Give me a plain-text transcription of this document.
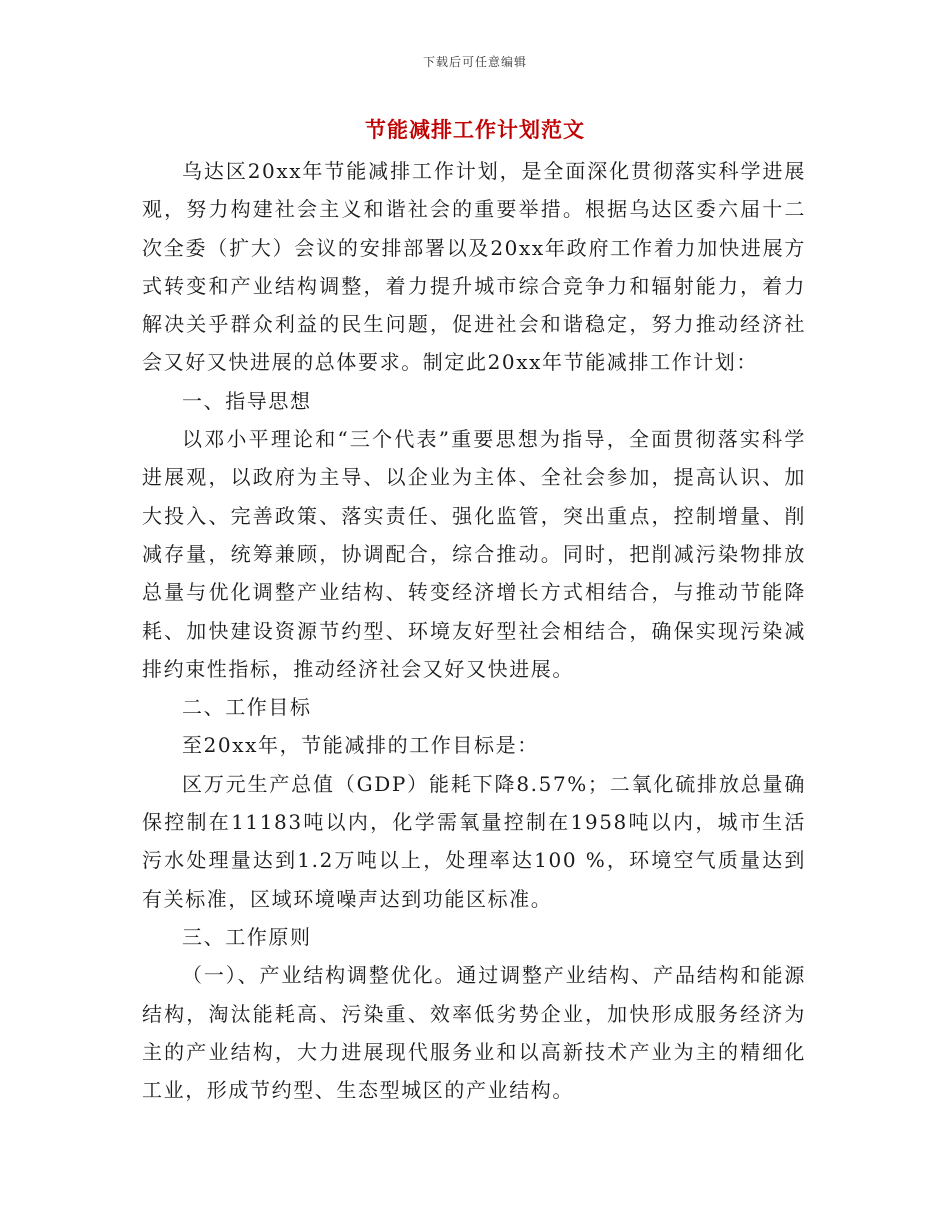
下载后可任意编辑
节能减排工作计划范文

乌达区20xx年节能减排工作计划，是全面深化贯彻落实科学进展观，努力构建社会主义和谐社会的重要举措。根据乌达区委六届十二次全委（扩大）会议的安排部署以及20xx年政府工作着力加快进展方式转变和产业结构调整，着力提升城市综合竞争力和辐射能力，着力解决关乎群众利益的民生问题，促进社会和谐稳定，努力推动经济社会又好又快进展的总体要求。制定此20xx年节能减排工作计划：

一、指导思想

以邓小平理论和“三个代表”重要思想为指导，全面贯彻落实科学进展观，以政府为主导、以企业为主体、全社会参加，提高认识、加大投入、完善政策、落实责任、强化监管，突出重点，控制增量、削减存量，统筹兼顾，协调配合，综合推动。同时，把削减污染物排放总量与优化调整产业结构、转变经济增长方式相结合，与推动节能降耗、加快建设资源节约型、环境友好型社会相结合，确保实现污染减排约束性指标，推动经济社会又好又快进展。

二、工作目标

至20xx年，节能减排的工作目标是：

区万元生产总值（GDP）能耗下降8.57%；二氧化硫排放总量确保控制在11183吨以内，化学需氧量控制在1958吨以内，城市生活污水处理量达到1.2万吨以上，处理率达100 %，环境空气质量达到有关标准，区域环境噪声达到功能区标准。

三、工作原则

（一）、产业结构调整优化。通过调整产业结构、产品结构和能源结构，淘汰能耗高、污染重、效率低劣势企业，加快形成服务经济为主的产业结构，大力进展现代服务业和以高新技术产业为主的精细化工业，形成节约型、生态型城区的产业结构。
